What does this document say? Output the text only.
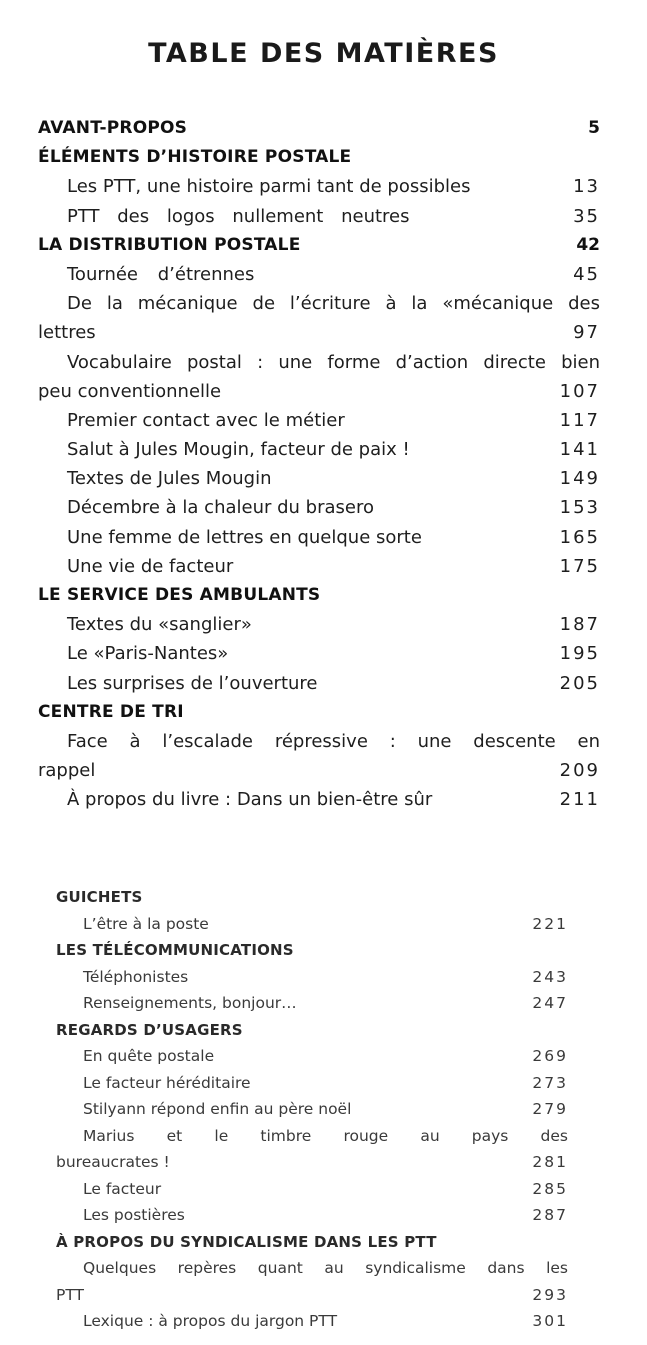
TABLE DES MATIÈRES
AVANT-PROPOS	5
ÉLÉMENTS D’HISTOIRE POSTALE
Les PTT, une histoire parmi tant de possibles	13
PTT des logos nullement neutres	35
LA DISTRIBUTION POSTALE	42
Tournée d’étrennes	45
De la mécanique de l’écriture à la «mécanique des
lettres	97
Vocabulaire postal : une forme d’action directe bien
peu conventionnelle	107
Premier contact avec le métier	117
Salut à Jules Mougin, facteur de paix !	141
Textes de Jules Mougin	149
Décembre à la chaleur du brasero	153
Une femme de lettres en quelque sorte	165
Une vie de facteur	175
LE SERVICE DES AMBULANTS
Textes du «sanglier»	187
Le «Paris-Nantes»	195
Les surprises de l’ouverture	205
CENTRE DE TRI
Face à l’escalade répressive : une descente en
rappel	209
À propos du livre : Dans un bien-être sûr	211
GUICHETS
L’être à la poste	221
LES TÉLÉCOMMUNICATIONS
Téléphonistes	243
Renseignements, bonjour…	247
REGARDS D’USAGERS
En quête postale	269
Le facteur héréditaire	273
Stilyann répond enfin au père noël	279
Marius et le timbre rouge au pays des
bureaucrates !	281
Le facteur	285
Les postières	287
À PROPOS DU SYNDICALISME DANS LES PTT
Quelques repères quant au syndicalisme dans les
PTT	293
Lexique : à propos du jargon PTT	301
